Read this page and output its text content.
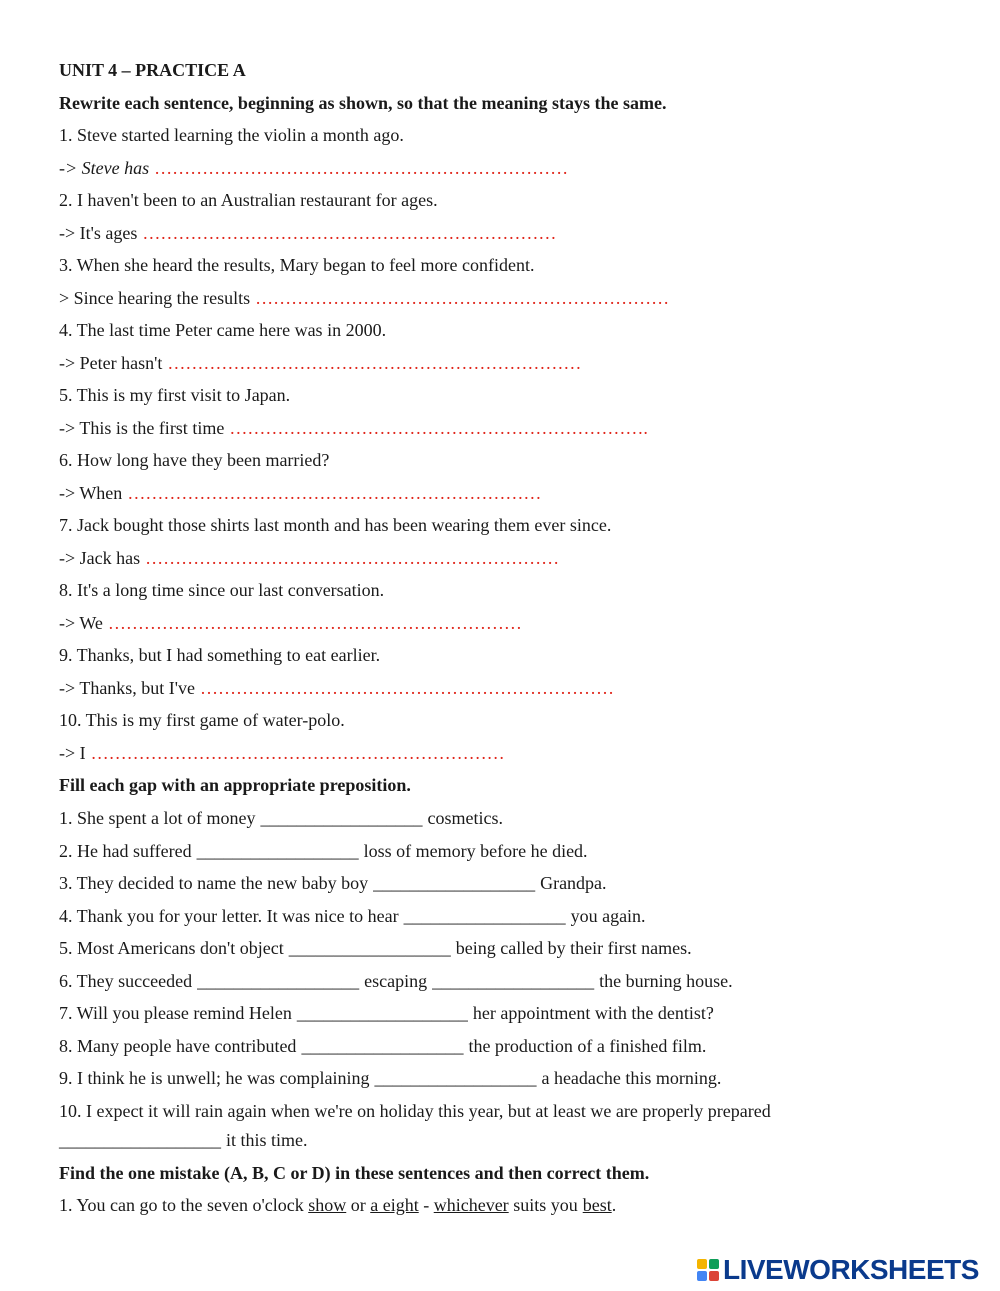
UNIT 4 – PRACTICE A
Rewrite each sentence, beginning as shown, so that the meaning stays the same.
1. Steve started learning the violin a month ago.
-> Steve has ……………………………………………………………
2. I haven't been to an Australian restaurant for ages.
-> It's ages ……………………………………………………………
3. When she heard the results, Mary began to feel more confident.
> Since hearing the results ……………………………………………………………
4. The last time Peter came here was in 2000.
-> Peter hasn't ……………………………………………………………
5. This is my first visit to Japan.
-> This is the first time …………………………………………………………….
6. How long have they been married?
-> When ……………………………………………………………
7. Jack bought those shirts last month and has been wearing them ever since.
-> Jack has ……………………………………………………………
8. It's a long time since our last conversation.
-> We ……………………………………………………………
9. Thanks, but I had something to eat earlier.
-> Thanks, but I've ……………………………………………………………
10. This is my first game of water-polo.
-> I ……………………………………………………………
Fill each gap with an appropriate preposition.
1. She spent a lot of money __________________ cosmetics.
2. He had suffered __________________ loss of memory before he died.
3. They decided to name the new baby boy __________________ Grandpa.
4. Thank you for your letter. It was nice to hear __________________ you again.
5. Most Americans don't object __________________ being called by their first names.
6. They succeeded __________________ escaping __________________ the burning house.
7. Will you please remind Helen ___________________ her appointment with the dentist?
8. Many people have contributed __________________ the production of a finished film.
9. I think he is unwell; he was complaining __________________ a headache this morning.
10. I expect it will rain again when we're on holiday this year, but at least we are properly prepared
__________________ it this time.
Find the one mistake (A, B, C or D) in these sentences and then correct them.
1. You can go to the seven o'clock show or a eight - whichever suits you best.
LIVEWORKSHEETS
